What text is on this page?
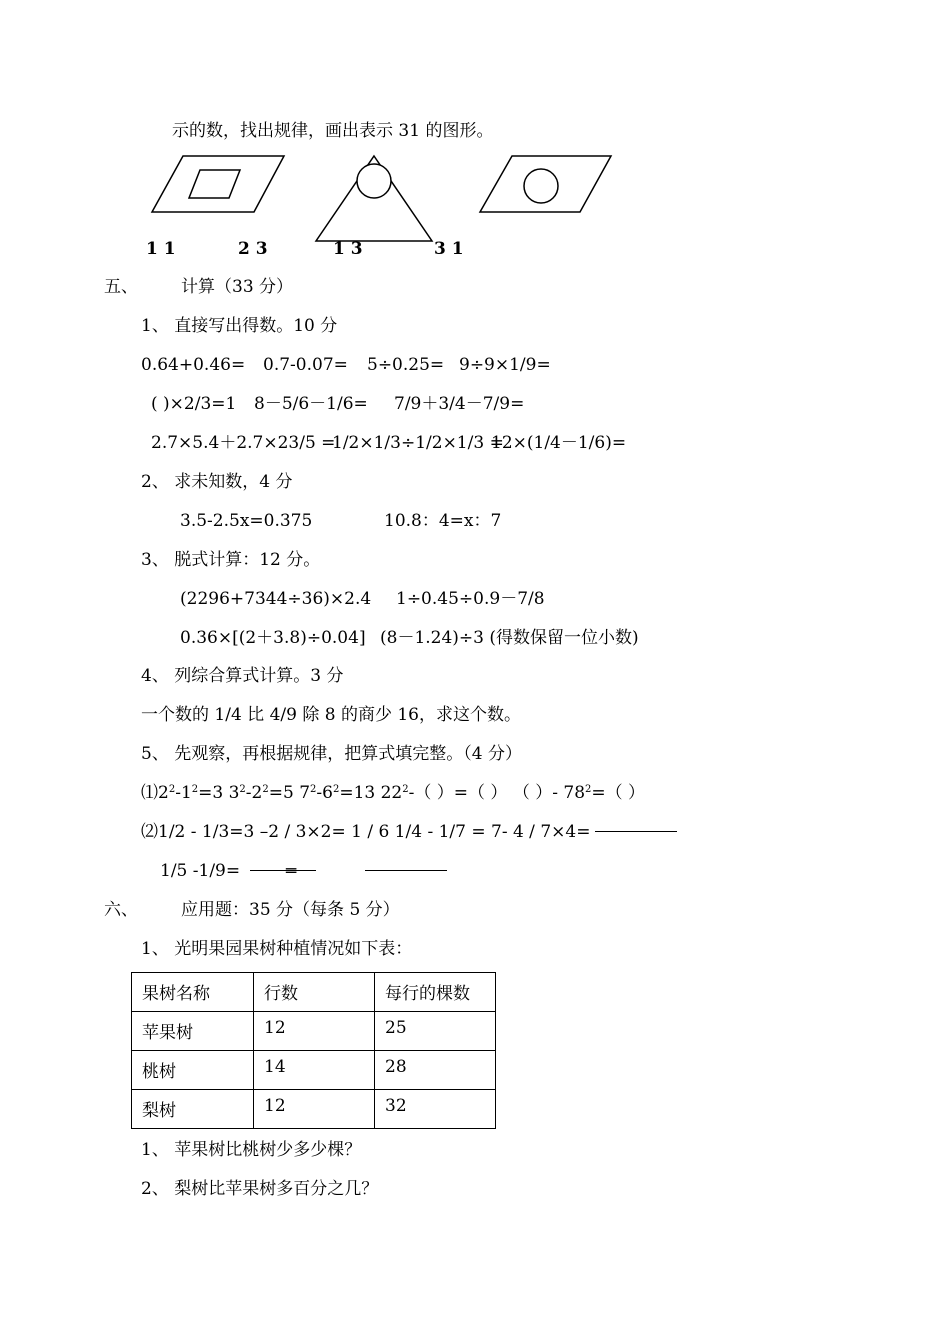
示的数，找出规律，画出表示 31 的图形。
1 1	2 3	1 3	3 1
五、	计算（33 分）
1、 直接写出得数。10 分
0.64+0.46= 0.7-0.07= 5÷0.25= 9÷9×1/9=
( )×2/3=1 8－5/6－1/6= 7/9＋3/4－7/9=
2.7×5.4＋2.7×23/5 =
1/2×1/3÷1/2×1/3 =
12×(1/4－1/6)=
2、 求未知数，4 分
3.5-2.5x=0.375	10.8：4=x：7
3、 脱式计算：12 分。
(2296+7344÷36)×2.4 1÷0.45÷0.9－7/8
0.36×[(2＋3.8)÷0.04] (8－1.24)÷3 (得数保留一位小数)
4、 列综合算式计算。3 分
一个数的 1/4 比 4/9 除 8 的商少 16，求这个数。
5、 先观察，再根据规律，把算式填完整。（4 分）
$⑴2^2-1^2=3$ $3^2-2^2=5$ $7^2-6^2=13$ $22^2-$（ ）=（ ） （ ）- $78^2=$（ ）
⑵1/2 - 1/3=3 –2 / 3×2= 1 / 6 1/4 - 1/7 = 7- 4 / 7×4=
1/5 -1/9=	=
六、	应用题：35 分（每条 5 分）
1、 光明果园果树种植情况如下表：
果树名称	行数	每行的棵数
苹果树	12	25
桃树	14	28
梨树	12	32
1、 苹果树比桃树少多少棵？
2、 梨树比苹果树多百分之几？
